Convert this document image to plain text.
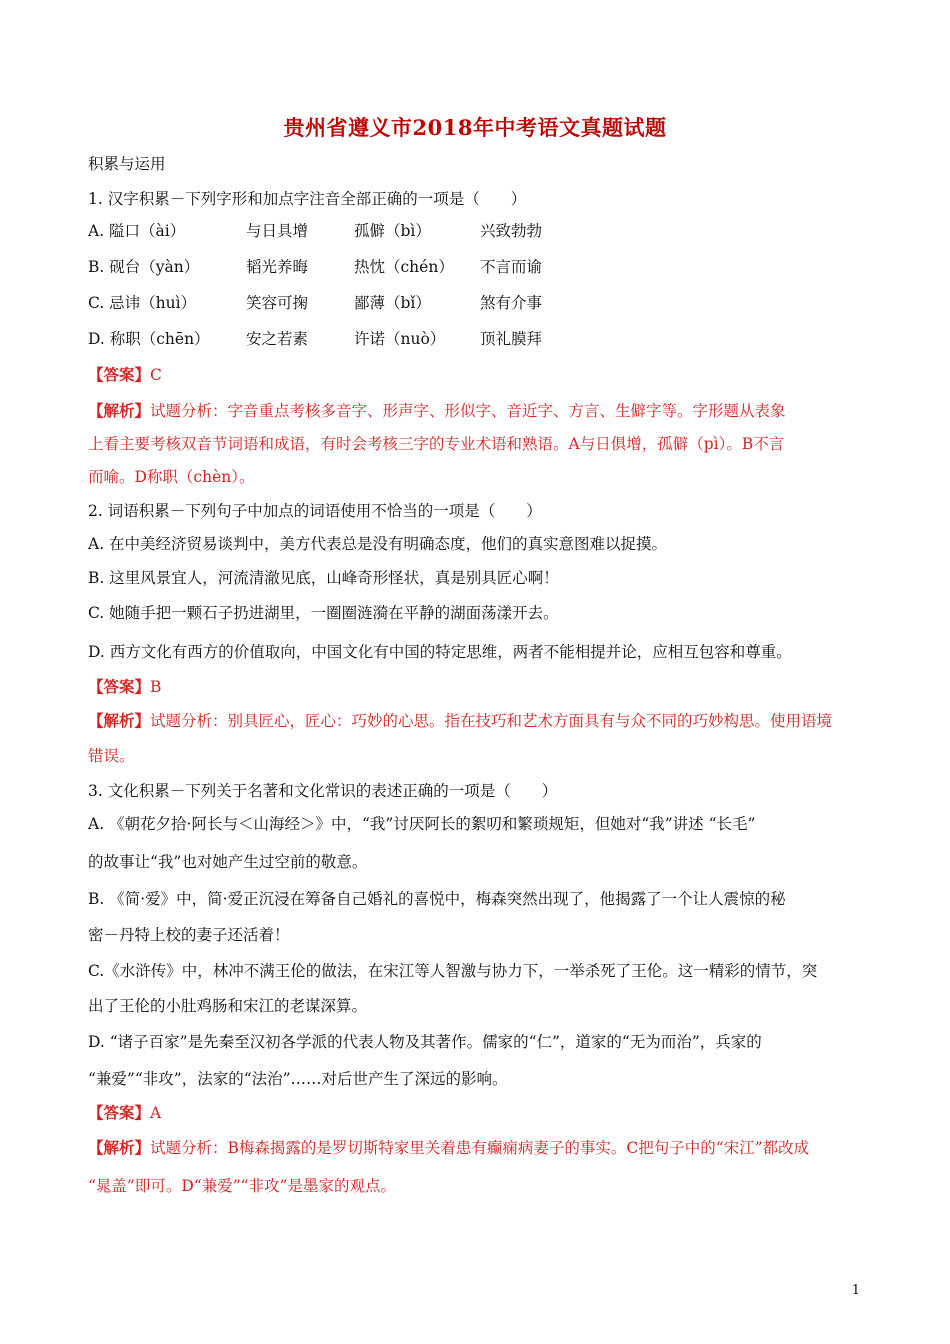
贵州省遵义市2018年中考语文真题试题
积累与运用
1. 汉字积累－下列字形和加点字注音全部正确的一项是（　　）
A. 隘口（ài）	与日具增	孤僻（bì）	兴致勃勃
B. 砚台（yàn）	韬光养晦	热忱（chén） 不言而谕
C. 忌讳（huì）	笑容可掬	鄙薄（bǐ）	煞有介事
D. 称职（chēn） 安之若素	许诺（nuò） 顶礼膜拜
【答案】C
【解析】试题分析：字音重点考核多音字、形声字、形似字、音近字、方言、生僻字等。字形题从表象
上看主要考核双音节词语和成语，有时会考核三字的专业术语和熟语。A与日俱增，孤僻（pì）。B不言
而喻。D称职（chèn）。
2. 词语积累－下列句子中加点的词语使用不恰当的一项是（　　）
A. 在中美经济贸易谈判中，美方代表总是没有明确态度，他们的真实意图难以捉摸。
B. 这里风景宜人，河流清澈见底，山峰奇形怪状，真是别具匠心啊！
C. 她随手把一颗石子扔进湖里，一圈圈涟漪在平静的湖面荡漾开去。
D. 西方文化有西方的价值取向，中国文化有中国的特定思维，两者不能相提并论，应相互包容和尊重。
【答案】B
【解析】试题分析：别具匠心，匠心：巧妙的心思。指在技巧和艺术方面具有与众不同的巧妙构思。使用语境
错误。
3. 文化积累－下列关于名著和文化常识的表述正确的一项是（　　）
A. 《朝花夕拾·阿长与＜山海经＞》中，“我”讨厌阿长的絮叨和繁琐规矩，但她对“我”讲述 “长毛”
的故事让“我”也对她产生过空前的敬意。
B. 《简·爱》中，简·爱正沉浸在筹备自己婚礼的喜悦中，梅森突然出现了，他揭露了一个让人震惊的秘
密－丹特上校的妻子还活着！
C.《水浒传》中，林冲不满王伦的做法，在宋江等人智激与协力下，一举杀死了王伦。这一精彩的情节，突
出了王伦的小肚鸡肠和宋江的老谋深算。
D. “诸子百家”是先秦至汉初各学派的代表人物及其著作。儒家的“仁”，道家的“无为而治”，兵家的
“兼爱”“非攻”，法家的“法治”……对后世产生了深远的影响。
【答案】A
【解析】试题分析：B梅森揭露的是罗切斯特家里关着患有癫痫病妻子的事实。C把句子中的“宋江”都改成
“晁盖”即可。D“兼爱”“非攻”是墨家的观点。
1
